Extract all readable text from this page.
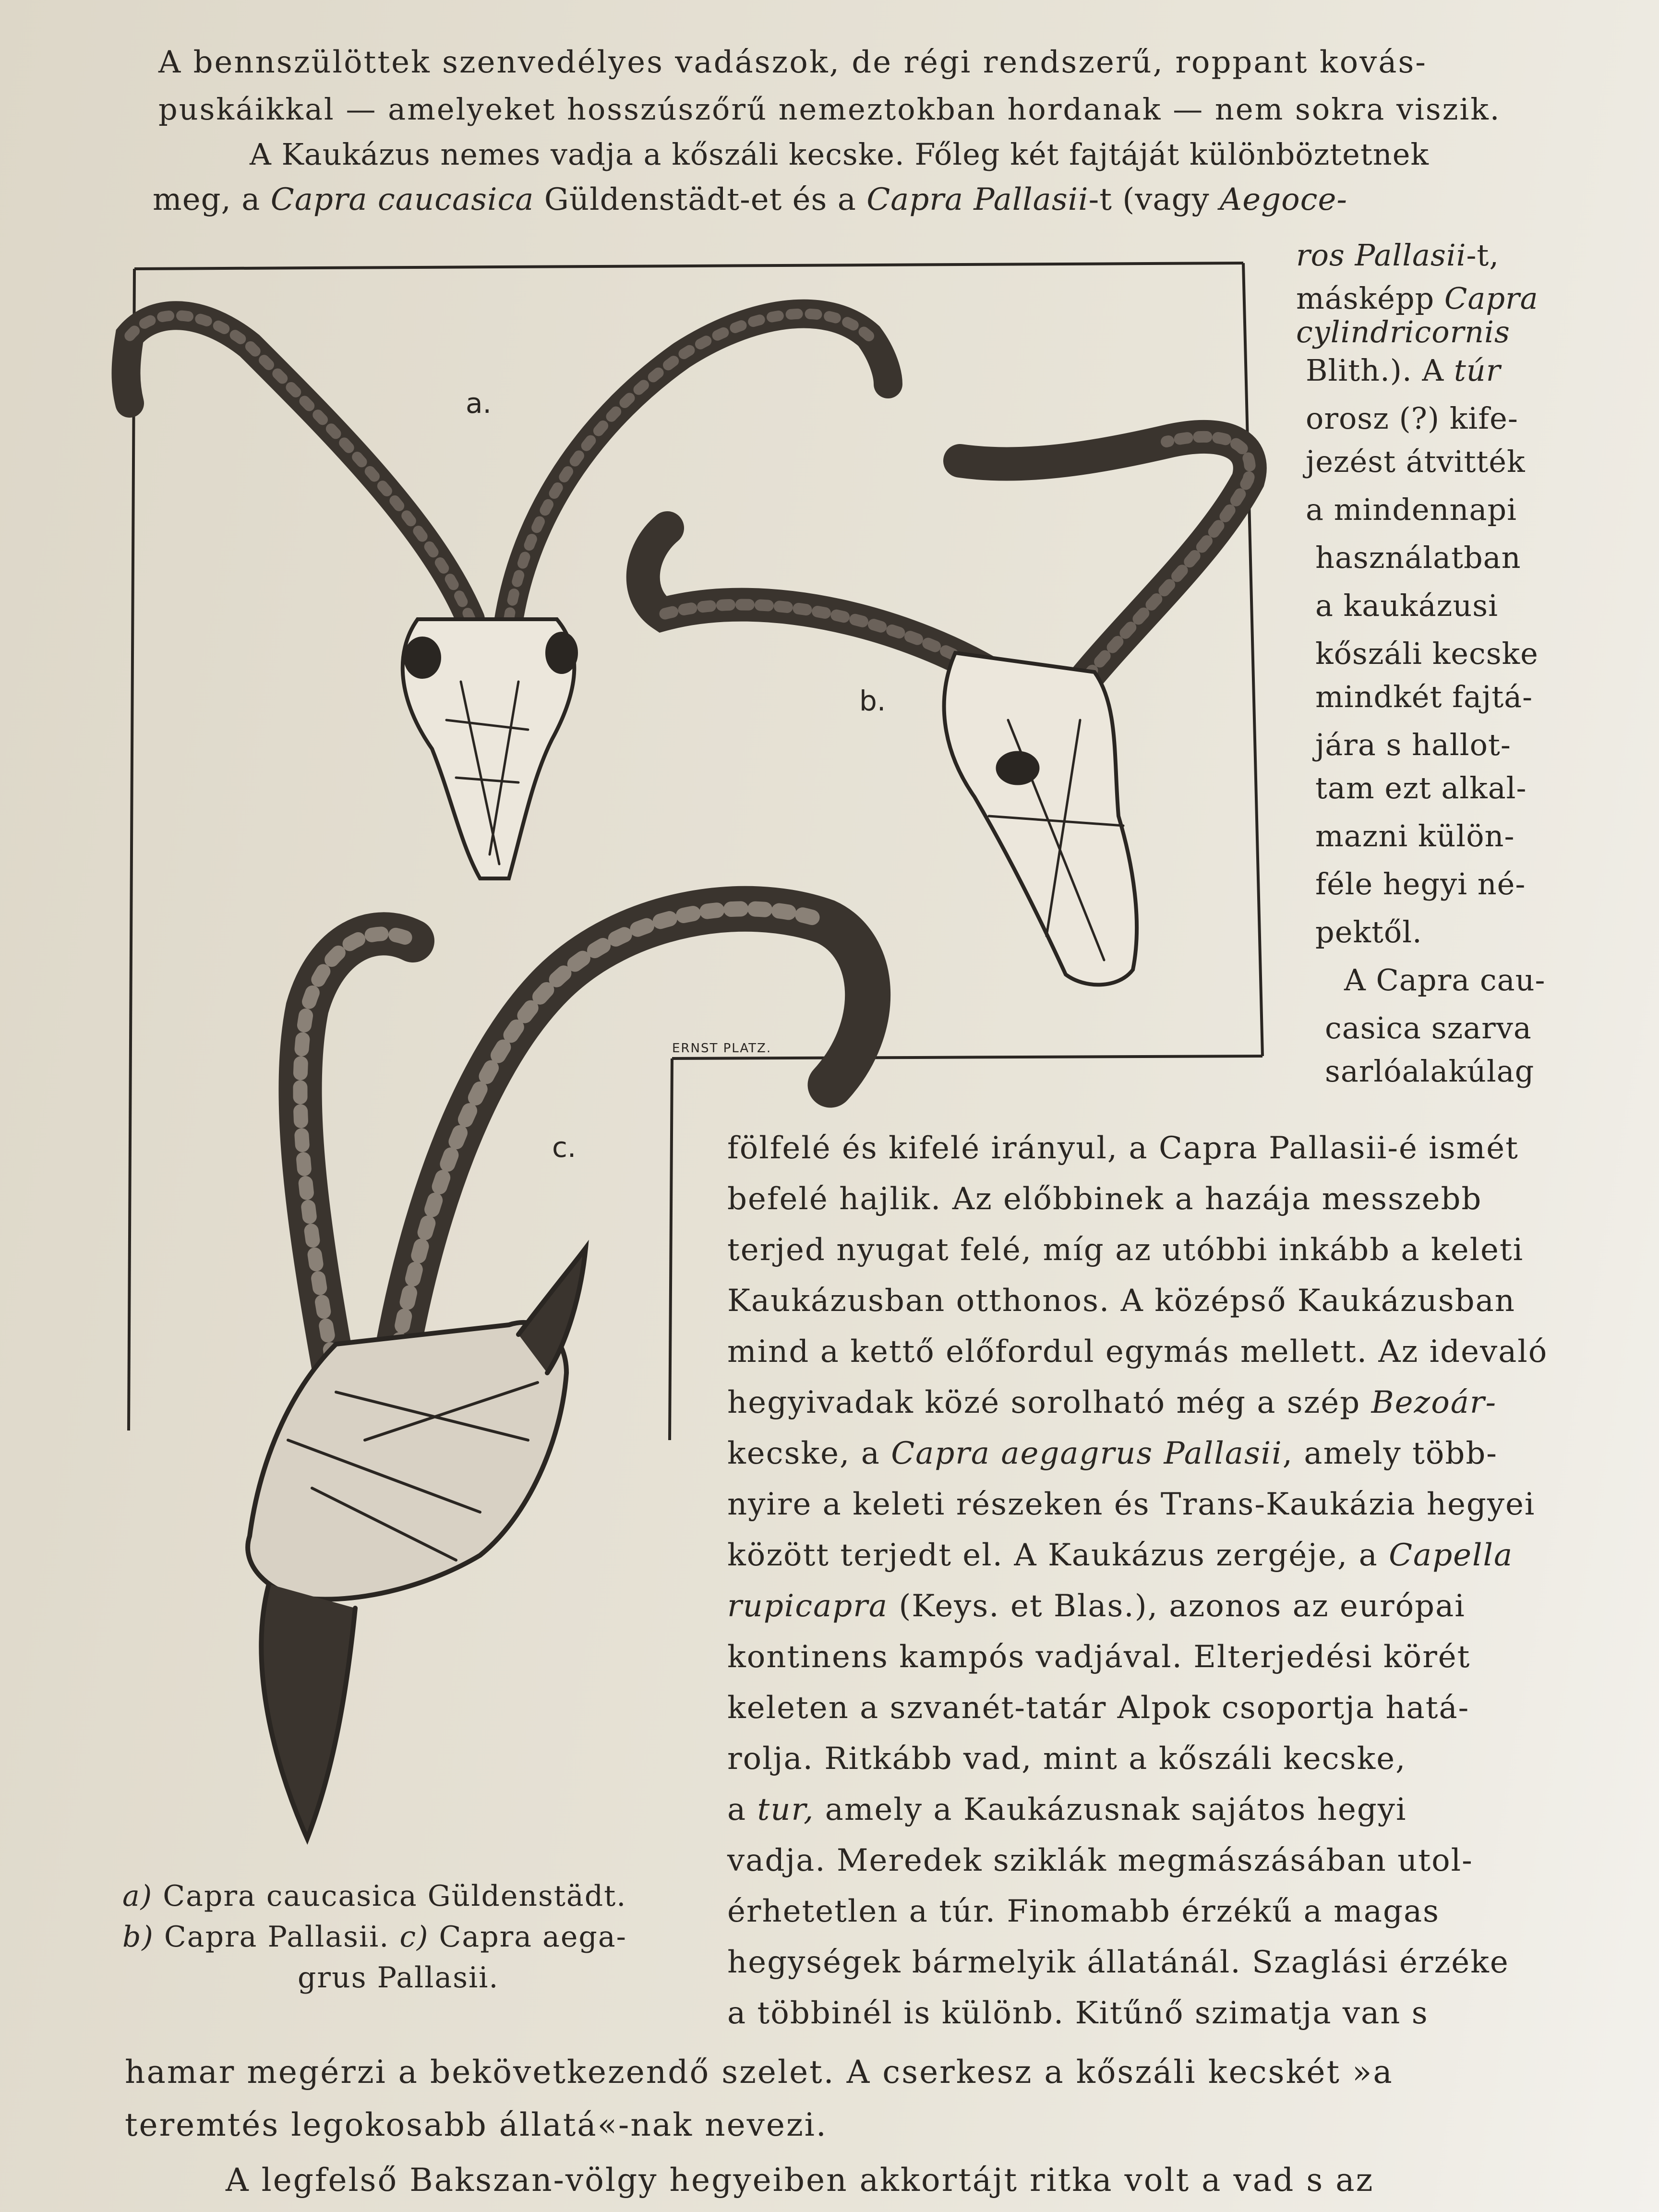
A bennszülöttek szenvedélyes vadászok, de régi rendszerű, roppant kovás-
puskáikkal — amelyeket hosszúszőrű nemeztokban hordanak — nem sokra viszik.
A Kaukázus nemes vadja a kőszáli kecske. Főleg két fajtáját különböztetnek
meg, a Capra caucasica Güldenstädt-et és a Capra Pallasii-t (vagy Aegoce-
ros Pallasii-t,
másképp Capra
cylindricornis
Blith.). A túr
orosz (?) kife-
jezést átvitték
a mindennapi
használatban
a kaukázusi
kőszáli kecske
mindkét fajtá-
jára s hallot-
tam ezt alkal-
mazni külön-
féle hegyi né-
pektől.
A Capra cau-
casica szarva
sarlóalakúlag
fölfelé és kifelé irányul, a Capra Pallasii-é ismét
befelé hajlik. Az előbbinek a hazája messzebb
terjed nyugat felé, míg az utóbbi inkább a keleti
Kaukázusban otthonos. A középső Kaukázusban
mind a kettő előfordul egymás mellett. Az idevaló
hegyivadak közé sorolható még a szép Bezoár-
kecske, a Capra aegagrus Pallasii, amely több-
nyire a keleti részeken és Trans-Kaukázia hegyei
között terjedt el. A Kaukázus zergéje, a Capella
rupicapra (Keys. et Blas.), azonos az európai
kontinens kampós vadjával. Elterjedési körét
keleten a szvanét-tatár Alpok csoportja hatá-
rolja. Ritkább vad, mint a kőszáli kecske,
a tur, amely a Kaukázusnak sajátos hegyi
vadja. Meredek sziklák megmászásában utol-
érhetetlen a túr. Finomabb érzékű a magas
hegységek bármelyik állatánál. Szaglási érzéke
a többinél is különb. Kitűnő szimatja van s
hamar megérzi a bekövetkezendő szelet. A cserkesz a kőszáli kecskét »a
teremtés legokosabb állatá«-nak nevezi.
A legfelső Bakszan-völgy hegyeiben akkortájt ritka volt a vad s az
a.
b.
c.
ERNST PLATZ.
a) Capra caucasica Güldenstädt.
b) Capra Pallasii. c) Capra aega-
grus Pallasii.
